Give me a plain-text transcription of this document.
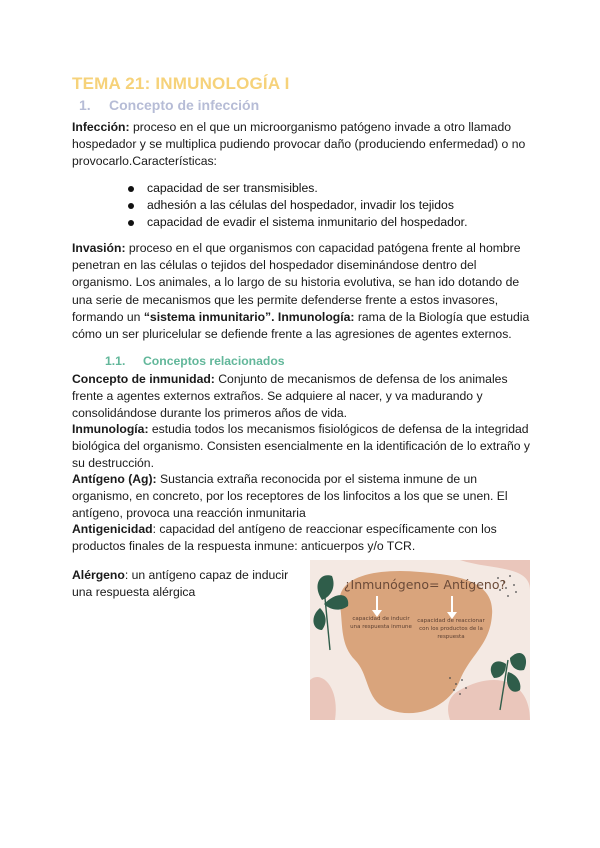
TEMA 21: INMUNOLOGÍA I
1. Concepto de infección

Infección: proceso en el que un microorganismo patógeno invade a otro llamado hospedador y se multiplica pudiendo provocar daño (produciendo enfermedad) o no provocarlo.Características:

capacidad de ser transmisibles.
adhesión a las células del hospedador, invadir los tejidos
capacidad de evadir el sistema inmunitario del hospedador.

Invasión: proceso en el que organismos con capacidad patógena frente al hombre penetran en las células o tejidos del hospedador diseminándose dentro del organismo. Los animales, a lo largo de su historia evolutiva, se han ido dotando de una serie de mecanismos que les permite defenderse frente a estos invasores, formando un “sistema inmunitario”. Inmunología: rama de la Biología que estudia cómo un ser pluricelular se defiende frente a las agresiones de agentes externos.

1.1. Conceptos relacionados

Concepto de inmunidad: Conjunto de mecanismos de defensa de los animales frente a agentes externos extraños. Se adquiere al nacer, y va madurando y consolidándose durante los primeros años de vida.

Inmunología: estudia todos los mecanismos fisiológicos de defensa de la integridad biológica del organismo. Consisten esencialmente en la identificación de lo extraño y su destrucción.

Antígeno (Ag): Sustancia extraña reconocida por el sistema inmune de un organismo, en concreto, por los receptores de los linfocitos a los que se unen. El antígeno, provoca una reacción inmunitaria

Antigenicidad: capacidad del antígeno de reaccionar específicamente con los productos finales de la respuesta inmune: anticuerpos y/o TCR.

Alérgeno: un antígeno capaz de inducir una respuesta alérgica

¿Inmunógeno= Antígeno?
capacidad de inducir una respuesta inmune
capacidad de reaccionar con los productos de la respuesta
